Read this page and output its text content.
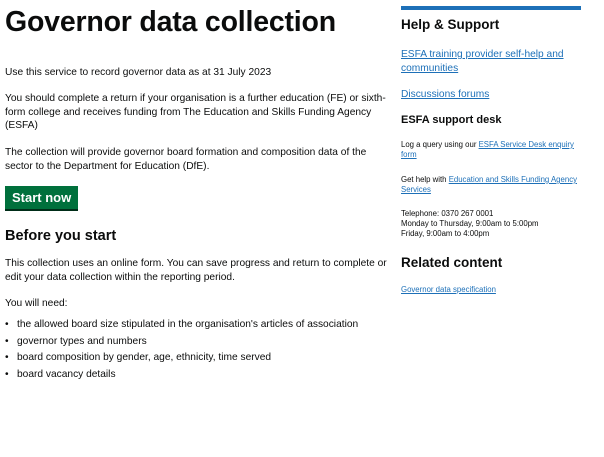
Governor data collection

Use this service to record governor data as at 31 July 2023

You should complete a return if your organisation is a further education (FE) or sixth-form college and receives funding from The Education and Skills Funding Agency (ESFA)

The collection will provide governor board formation and composition data of the sector to the Department for Education (DfE).

Start now
Before you start

This collection uses an online form. You can save progress and return to complete or edit your data collection within the reporting period.

You will need:

• the allowed board size stipulated in the organisation's articles of association
• governor types and numbers
• board composition by gender, age, ethnicity, time served
• board vacancy details
Help & Support
ESFA training provider self-help and communities
Discussions forums
ESFA support desk

Log a query using our ESFA Service Desk enquiry form

Get help with Education and Skills Funding Agency Services

Telephone: 0370 267 0001
Monday to Thursday, 9:00am to 5:00pm
Friday, 9:00am to 4:00pm

Related content

Governor data specification
